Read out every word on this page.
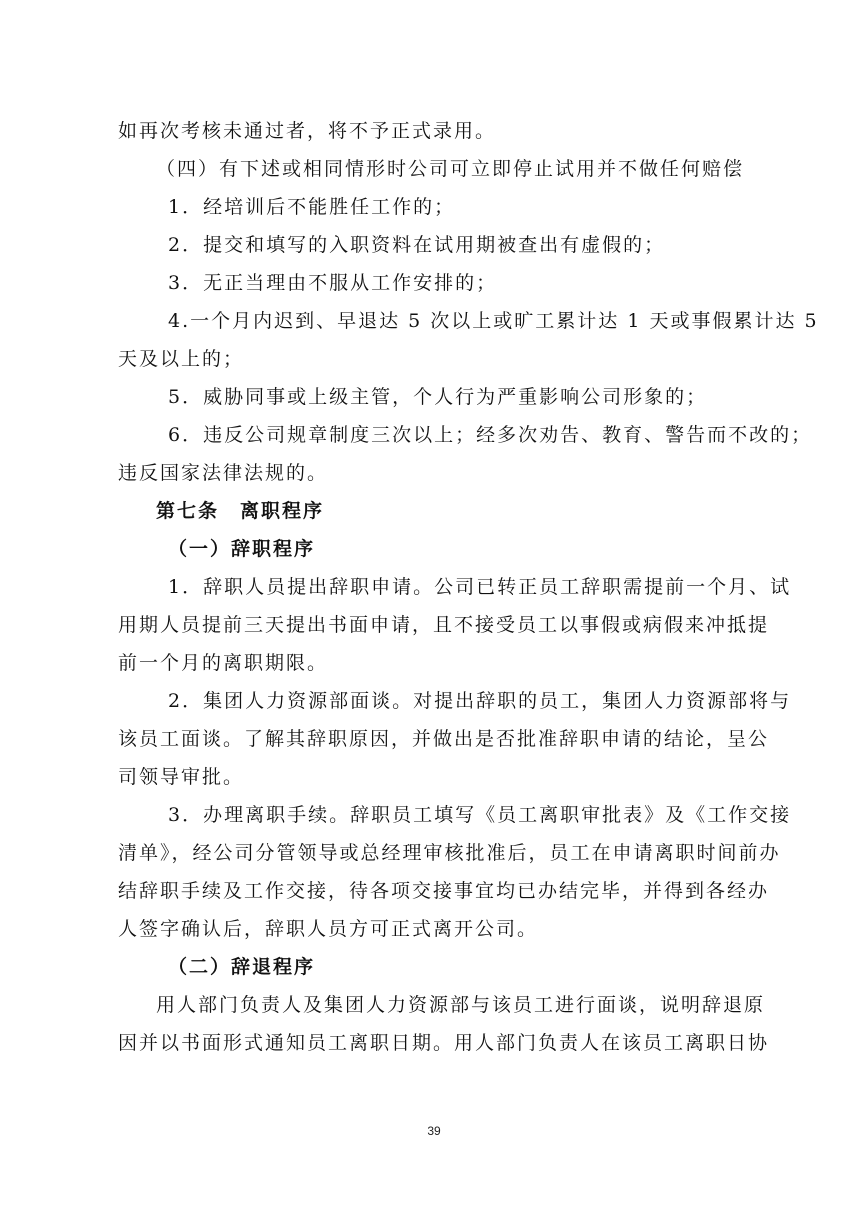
如再次考核未通过者，将不予正式录用。
（四）有下述或相同情形时公司可立即停止试用并不做任何赔偿
1．经培训后不能胜任工作的；
2．提交和填写的入职资料在试用期被查出有虚假的；
3．无正当理由不服从工作安排的；
4.一个月内迟到、早退达 5 次以上或旷工累计达 1 天或事假累计达 5
天及以上的；
5．威胁同事或上级主管，个人行为严重影响公司形象的；
6．违反公司规章制度三次以上；经多次劝告、教育、警告而不改的；
违反国家法律法规的。
第七条　离职程序
（一）辞职程序
1．辞职人员提出辞职申请。公司已转正员工辞职需提前一个月、试
用期人员提前三天提出书面申请，且不接受员工以事假或病假来冲抵提
前一个月的离职期限。
2．集团人力资源部面谈。对提出辞职的员工，集团人力资源部将与
该员工面谈。了解其辞职原因，并做出是否批准辞职申请的结论，呈公
司领导审批。
3．办理离职手续。辞职员工填写《员工离职审批表》及《工作交接
清单》，经公司分管领导或总经理审核批准后，员工在申请离职时间前办
结辞职手续及工作交接，待各项交接事宜均已办结完毕，并得到各经办
人签字确认后，辞职人员方可正式离开公司。
（二）辞退程序
用人部门负责人及集团人力资源部与该员工进行面谈，说明辞退原
因并以书面形式通知员工离职日期。用人部门负责人在该员工离职日协
39
